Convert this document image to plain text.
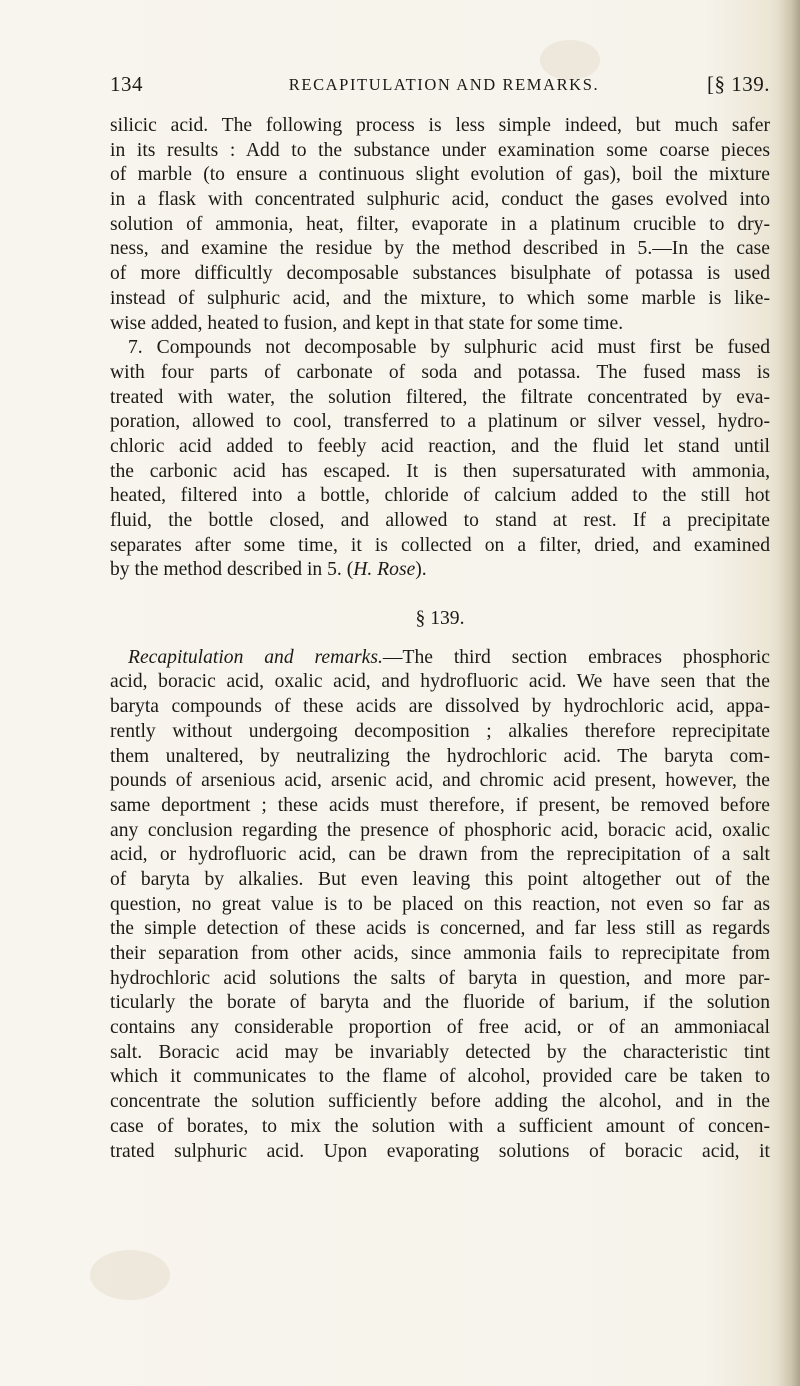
134	RECAPITULATION AND REMARKS.	[§ 139.
silicic acid. The following process is less simple indeed, but much safer
in its results : Add to the substance under examination some coarse pieces
of marble (to ensure a continuous slight evolution of gas), boil the mixture
in a flask with concentrated sulphuric acid, conduct the gases evolved into
solution of ammonia, heat, filter, evaporate in a platinum crucible to dry-
ness, and examine the residue by the method described in 5.—In the case
of more difficultly decomposable substances bisulphate of potassa is used
instead of sulphuric acid, and the mixture, to which some marble is like-
wise added, heated to fusion, and kept in that state for some time.
7. Compounds not decomposable by sulphuric acid must first be fused
with four parts of carbonate of soda and potassa. The fused mass is
treated with water, the solution filtered, the filtrate concentrated by eva-
poration, allowed to cool, transferred to a platinum or silver vessel, hydro-
chloric acid added to feebly acid reaction, and the fluid let stand until
the carbonic acid has escaped. It is then supersaturated with ammonia,
heated, filtered into a bottle, chloride of calcium added to the still hot
fluid, the bottle closed, and allowed to stand at rest. If a precipitate
separates after some time, it is collected on a filter, dried, and examined
by the method described in 5. (H. Rose).
§ 139.
Recapitulation and remarks.—The third section embraces phosphoric
acid, boracic acid, oxalic acid, and hydrofluoric acid. We have seen that the
baryta compounds of these acids are dissolved by hydrochloric acid, appa-
rently without undergoing decomposition ; alkalies therefore reprecipitate
them unaltered, by neutralizing the hydrochloric acid. The baryta com-
pounds of arsenious acid, arsenic acid, and chromic acid present, however, the
same deportment ; these acids must therefore, if present, be removed before
any conclusion regarding the presence of phosphoric acid, boracic acid, oxalic
acid, or hydrofluoric acid, can be drawn from the reprecipitation of a salt
of baryta by alkalies. But even leaving this point altogether out of the
question, no great value is to be placed on this reaction, not even so far as
the simple detection of these acids is concerned, and far less still as regards
their separation from other acids, since ammonia fails to reprecipitate from
hydrochloric acid solutions the salts of baryta in question, and more par-
ticularly the borate of baryta and the fluoride of barium, if the solution
contains any considerable proportion of free acid, or of an ammoniacal
salt. Boracic acid may be invariably detected by the characteristic tint
which it communicates to the flame of alcohol, provided care be taken to
concentrate the solution sufficiently before adding the alcohol, and in the
case of borates, to mix the solution with a sufficient amount of concen-
trated sulphuric acid. Upon evaporating solutions of boracic acid, it
